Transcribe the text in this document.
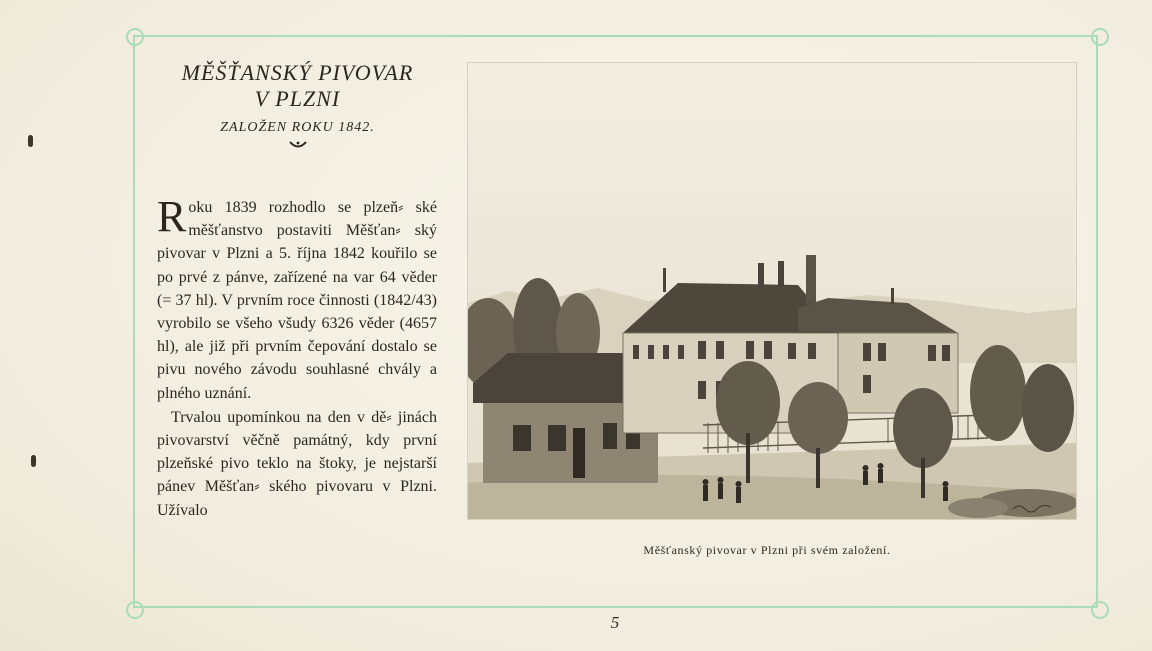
MĚŠŤANSKÝ PIVOVAR
V PLZNI
ZALOŽEN ROKU 1842.

Roku 1839 rozhodlo se plzeň⸗ ské měšťanstvo postaviti Měšťan⸗ ský pivovar v Plzni a 5. října 1842 kouřilo se po prvé z pánve, zařízené na var 64 věder (= 37 hl). V prvním roce činnosti (1842/43) vyrobilo se všeho všudy 6326 věder (4657 hl), ale již při prvním čepování dostalo se pivu nového závodu souhlasné chvály a plného uznání.

Trvalou upomínkou na den v dě⸗ jinách pivovarství věčně památný, kdy první plzeňské pivo teklo na štoky, je nejstarší pánev Měšťan⸗ ského pivovaru v Plzni. Užívalo

Měšťanský pivovar v Plzni při svém založení.
5
